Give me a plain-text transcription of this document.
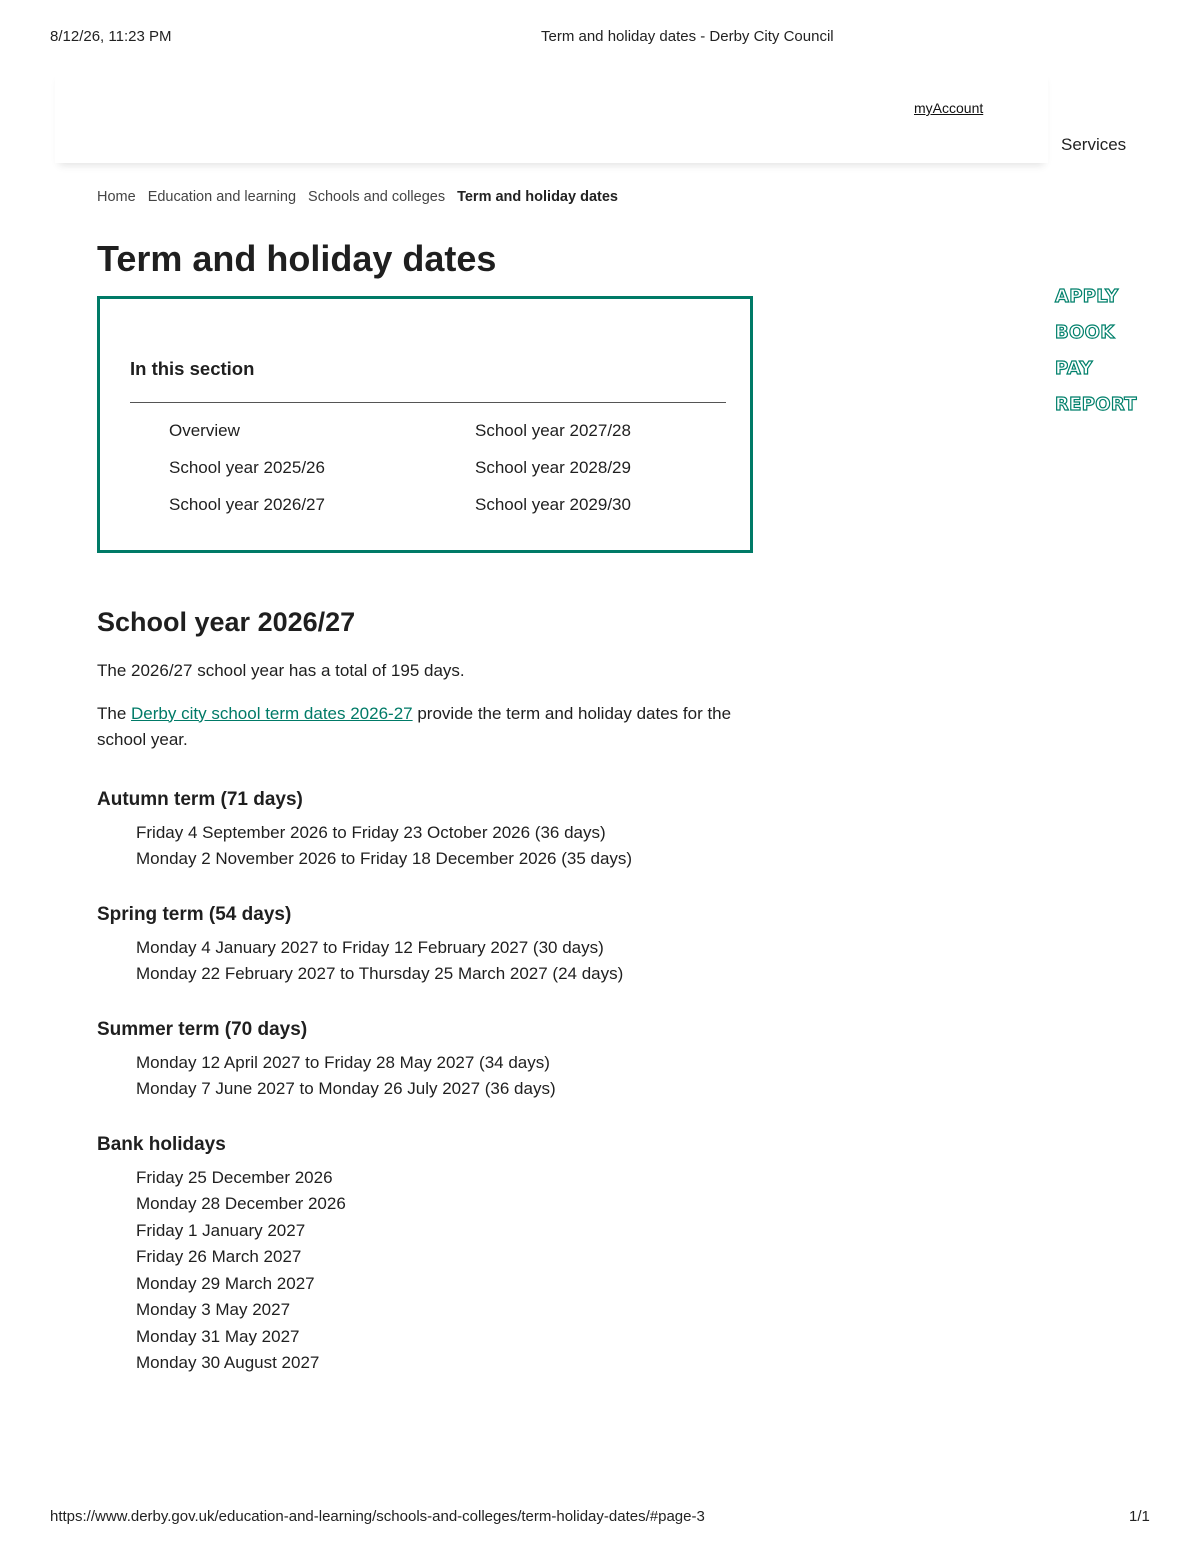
8/12/26, 11:23 PM	Term and holiday dates - Derby City Council
myAccount
Services
Home Education and learning Schools and colleges Term and holiday dates
Term and holiday dates
APPLY
BOOK
PAY
REPORT
In this section
Overview
School year 2025/26
School year 2026/27
School year 2027/28
School year 2028/29
School year 2029/30
School year 2026/27

The 2026/27 school year has a total of 195 days.

The Derby city school term dates 2026-27 provide the term and holiday dates for the school year.

Autumn term (71 days)
Friday 4 September 2026 to Friday 23 October 2026 (36 days)
Monday 2 November 2026 to Friday 18 December 2026 (35 days)
Spring term (54 days)
Monday 4 January 2027 to Friday 12 February 2027 (30 days)
Monday 22 February 2027 to Thursday 25 March 2027 (24 days)
Summer term (70 days)
Monday 12 April 2027 to Friday 28 May 2027 (34 days)
Monday 7 June 2027 to Monday 26 July 2027 (36 days)
Bank holidays
Friday 25 December 2026
Monday 28 December 2026
Friday 1 January 2027
Friday 26 March 2027
Monday 29 March 2027
Monday 3 May 2027
Monday 31 May 2027
Monday 30 August 2027
https://www.derby.gov.uk/education-and-learning/schools-and-colleges/term-holiday-dates/#page-3	1/1
